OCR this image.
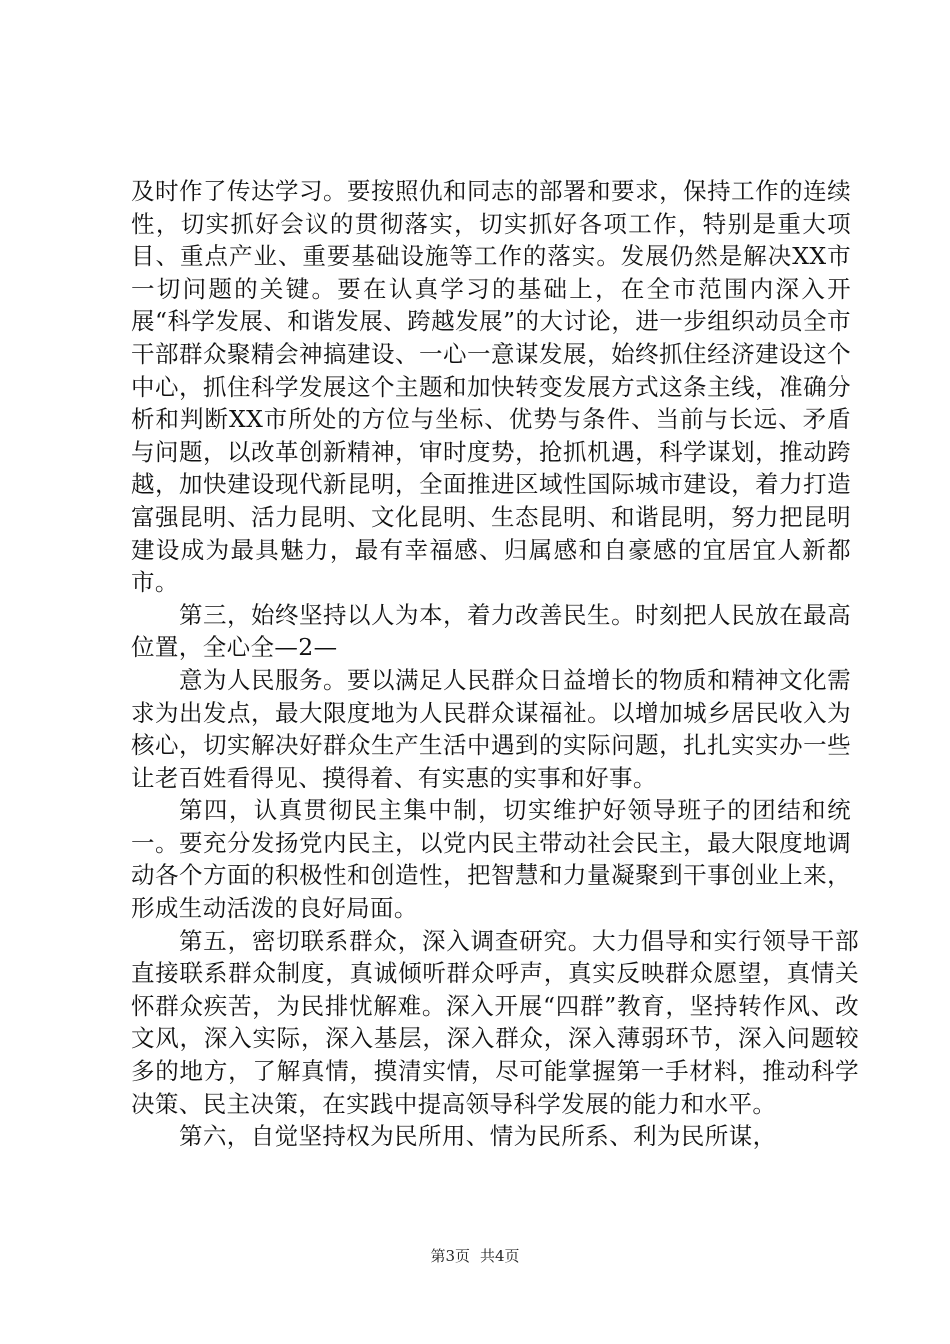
及时作了传达学习。要按照仇和同志的部署和要求，保持工作的连续性，切实抓好会议的贯彻落实，切实抓好各项工作，特别是重大项目、重点产业、重要基础设施等工作的落实。发展仍然是解决XX市一切问题的关键。要在认真学习的基础上，在全市范围内深入开展“科学发展、和谐发展、跨越发展”的大讨论，进一步组织动员全市干部群众聚精会神搞建设、一心一意谋发展，始终抓住经济建设这个中心，抓住科学发展这个主题和加快转变发展方式这条主线，准确分析和判断XX市所处的方位与坐标、优势与条件、当前与长远、矛盾与问题，以改革创新精神，审时度势，抢抓机遇，科学谋划，推动跨越，加快建设现代新昆明，全面推进区域性国际城市建设，着力打造富强昆明、活力昆明、文化昆明、生态昆明、和谐昆明，努力把昆明建设成为最具魅力，最有幸福感、归属感和自豪感的宜居宜人新都市。

第三，始终坚持以人为本，着力改善民生。时刻把人民放在最高位置，全心全—2—

意为人民服务。要以满足人民群众日益增长的物质和精神文化需求为出发点，最大限度地为人民群众谋福祉。以增加城乡居民收入为核心，切实解决好群众生产生活中遇到的实际问题，扎扎实实办一些让老百姓看得见、摸得着、有实惠的实事和好事。

第四，认真贯彻民主集中制，切实维护好领导班子的团结和统一。要充分发扬党内民主，以党内民主带动社会民主，最大限度地调动各个方面的积极性和创造性，把智慧和力量凝聚到干事创业上来，形成生动活泼的良好局面。

第五，密切联系群众，深入调查研究。大力倡导和实行领导干部直接联系群众制度，真诚倾听群众呼声，真实反映群众愿望，真情关怀群众疾苦，为民排忧解难。深入开展“四群”教育，坚持转作风、改文风，深入实际，深入基层，深入群众，深入薄弱环节，深入问题较多的地方，了解真情，摸清实情，尽可能掌握第一手材料，推动科学决策、民主决策，在实践中提高领导科学发展的能力和水平。

第六，自觉坚持权为民所用、情为民所系、利为民所谋，

第3页 共4页
